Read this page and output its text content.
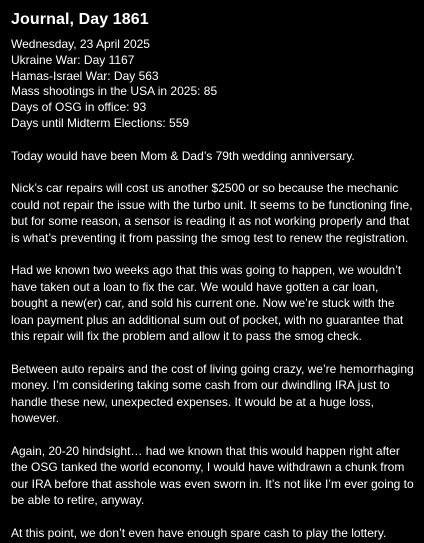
Journal, Day 1861
Wednesday, 23 April 2025
Ukraine War: Day 1167
Hamas-Israel War: Day 563
Mass shootings in the USA in 2025: 85
Days of OSG in office: 93
Days until Midterm Elections: 559
Today would have been Mom & Dad’s 79th wedding anniversary.
Nick’s car repairs will cost us another $2500 or so because the mechanic could not repair the issue with the turbo unit. It seems to be functioning fine, but for some reason, a sensor is reading it as not working properly and that is what’s preventing it from passing the smog test to renew the registration.
Had we known two weeks ago that this was going to happen, we wouldn’t have taken out a loan to fix the car. We would have gotten a car loan, bought a new(er) car, and sold his current one. Now we’re stuck with the loan payment plus an additional sum out of pocket, with no guarantee that this repair will fix the problem and allow it to pass the smog check.
Between auto repairs and the cost of living going crazy, we’re hemorrhaging money. I’m considering taking some cash from our dwindling IRA just to handle these new, unexpected expenses. It would be at a huge loss, however.
Again, 20-20 hindsight… had we known that this would happen right after the OSG tanked the world economy, I would have withdrawn a chunk from our IRA before that asshole was even sworn in. It’s not like I’m ever going to be able to retire, anyway.
At this point, we don’t even have enough spare cash to play the lottery.
